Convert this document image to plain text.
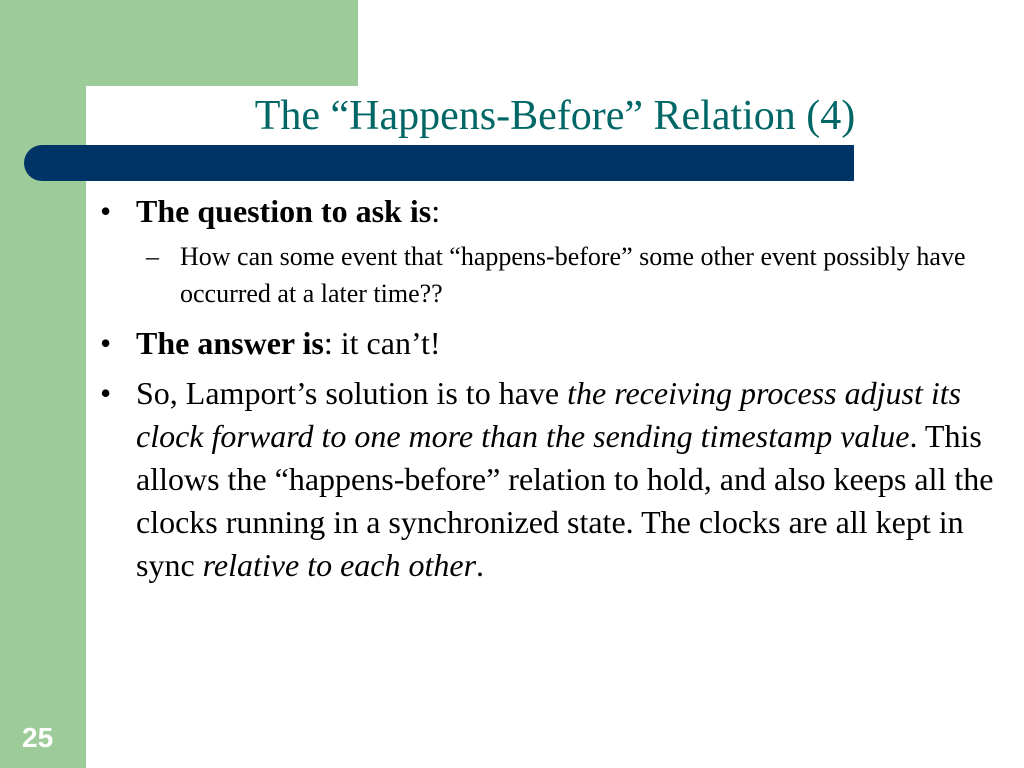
The “Happens-Before” Relation (4)
• The question to ask is:
– How can some event that “happens-before” some other event possibly have occurred at a later time??
• The answer is: it can’t!
• So, Lamport’s solution is to have the receiving process adjust its clock forward to one more than the sending timestamp value. This allows the “happens-before” relation to hold, and also keeps all the clocks running in a synchronized state. The clocks are all kept in sync relative to each other.
25
